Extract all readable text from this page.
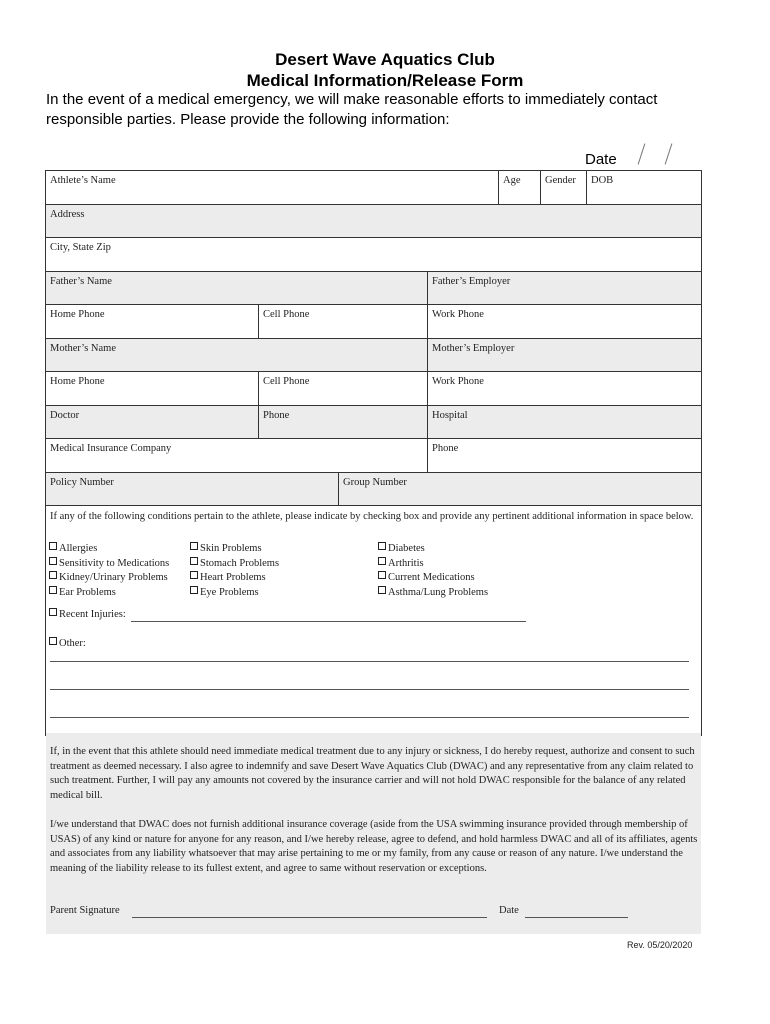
Desert Wave Aquatics Club
Medical Information/Release Form
In the event of a medical emergency, we will make reasonable efforts to immediately contact responsible parties. Please provide the following information:
Date
Athlete’s Name	Age	Gender	DOB
Address
City, State Zip
Father’s Name	Father’s Employer
Home Phone	Cell Phone	Work Phone
Mother’s Name	Mother’s Employer
Home Phone	Cell Phone	Work Phone
Doctor	Phone	Hospital
Medical Insurance Company	Phone
Policy Number	Group Number
If any of the following conditions pertain to the athlete, please indicate by checking box and provide any pertinent additional information in space below.
Allergies
Sensitivity to Medications
Kidney/Urinary Problems
Ear Problems
Skin Problems
Stomach Problems
Heart Problems
Eye Problems
Diabetes
Arthritis
Current Medications
Asthma/Lung Problems
Recent Injuries:
Other:

If, in the event that this athlete should need immediate medical treatment due to any injury or sickness, I do hereby request, authorize and consent to such treatment as deemed necessary. I also agree to indemnify and save Desert Wave Aquatics Club (DWAC) and any representative from any claim related to such treatment. Further, I will pay any amounts not covered by the insurance carrier and will not hold DWAC responsible for the balance of any related medical bill.

I/we understand that DWAC does not furnish additional insurance coverage (aside from the USA swimming insurance provided through membership of USAS) of any kind or nature for anyone for any reason, and I/we hereby release, agree to defend, and hold harmless DWAC and all of its affiliates, agents and associates from any liability whatsoever that may arise pertaining to me or my family, from any cause or reason of any nature. I/we understand the meaning of the liability release to its fullest extent, and agree to same without reservation or exceptions.

Parent Signature	Date
Rev. 05/20/2020
